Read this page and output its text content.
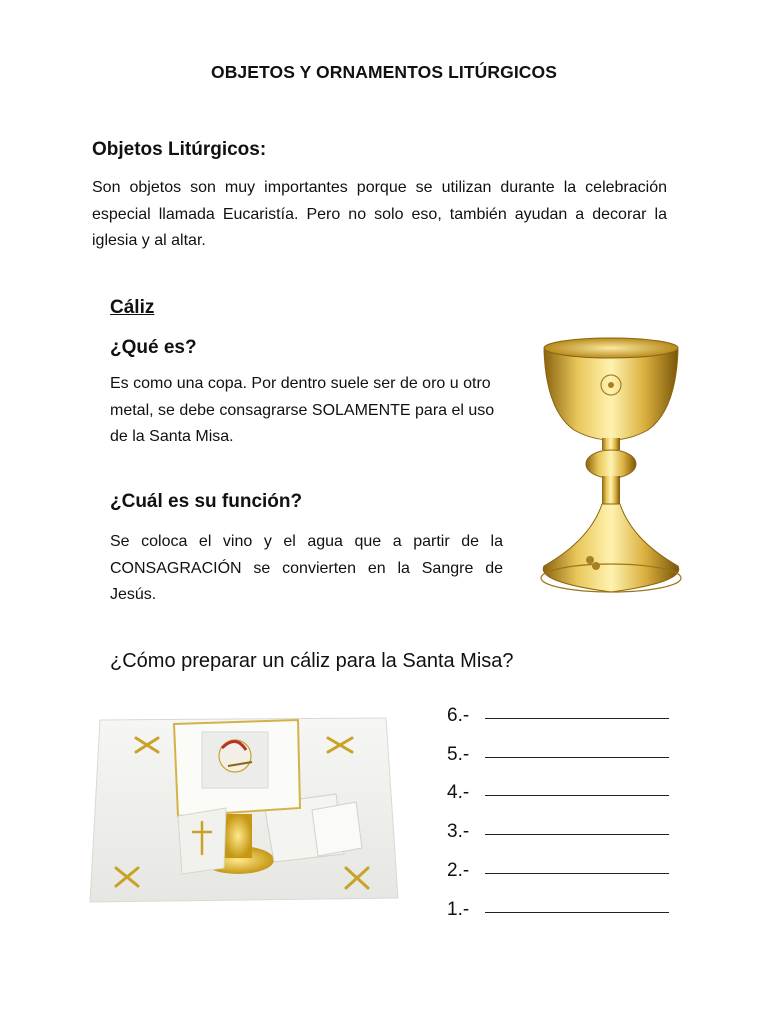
OBJETOS Y ORNAMENTOS LITÚRGICOS
Objetos Litúrgicos:
Son objetos son muy importantes porque se utilizan durante la celebración especial llamada Eucaristía. Pero no solo eso, también ayudan a decorar la iglesia y al altar.
Cáliz
¿Qué es?
Es como una copa. Por dentro suele ser de oro u otro metal, se debe consagrarse SOLAMENTE para el uso de la Santa Misa.
¿Cuál es su función?
Se coloca el vino y el agua que a partir de la CONSAGRACIÓN se convierten en la Sangre de Jesús.
¿Cómo preparar un cáliz para la Santa Misa?
6.-
5.-
4.-
3.-
2.-
1.-
